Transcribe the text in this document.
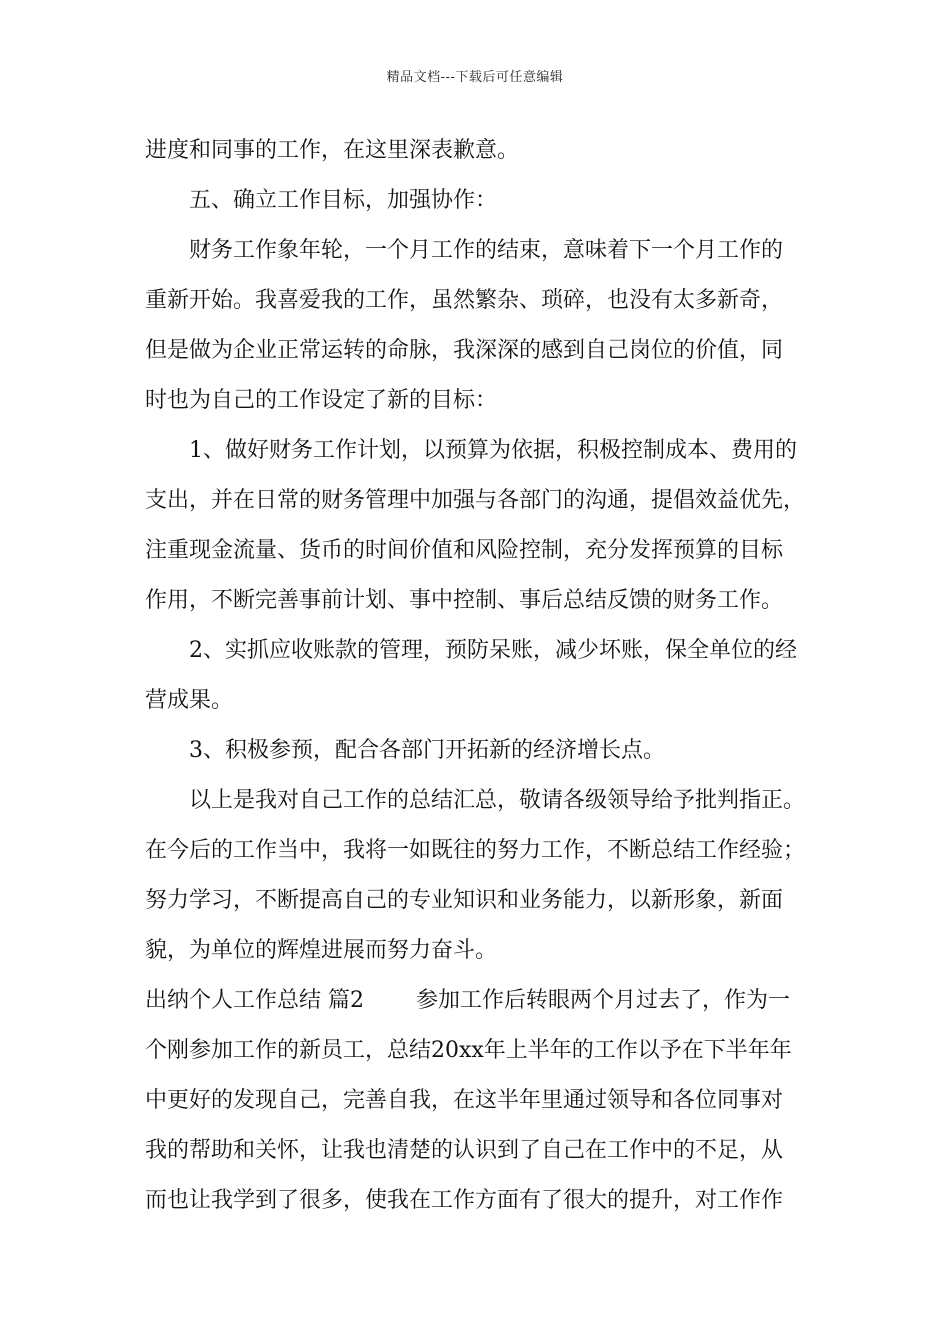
精品文档---下载后可任意编辑
进度和同事的工作，在这里深表歉意。
五、确立工作目标，加强协作：
财务工作象年轮，一个月工作的结束，意味着下一个月工作的
重新开始。我喜爱我的工作，虽然繁杂、琐碎，也没有太多新奇，
但是做为企业正常运转的命脉，我深深的感到自己岗位的价值，同
时也为自己的工作设定了新的目标：
1、做好财务工作计划，以预算为依据，积极控制成本、费用的
支出，并在日常的财务管理中加强与各部门的沟通，提倡效益优先，
注重现金流量、货币的时间价值和风险控制，充分发挥预算的目标
作用，不断完善事前计划、事中控制、事后总结反馈的财务工作。
2、实抓应收账款的管理，预防呆账，减少坏账，保全单位的经
营成果。
3、积极参预，配合各部门开拓新的经济增长点。
以上是我对自己工作的总结汇总，敬请各级领导给予批判指正。
在今后的工作当中，我将一如既往的努力工作，不断总结工作经验；
努力学习，不断提高自己的专业知识和业务能力，以新形象，新面
貌，为单位的辉煌进展而努力奋斗。
出纳个人工作总结 篇2 参加工作后转眼两个月过去了，作为一
个刚参加工作的新员工，总结20xx年上半年的工作以予在下半年年
中更好的发现自己，完善自我，在这半年里通过领导和各位同事对
我的帮助和关怀，让我也清楚的认识到了自己在工作中的不足，从
而也让我学到了很多，使我在工作方面有了很大的提升，对工作作
